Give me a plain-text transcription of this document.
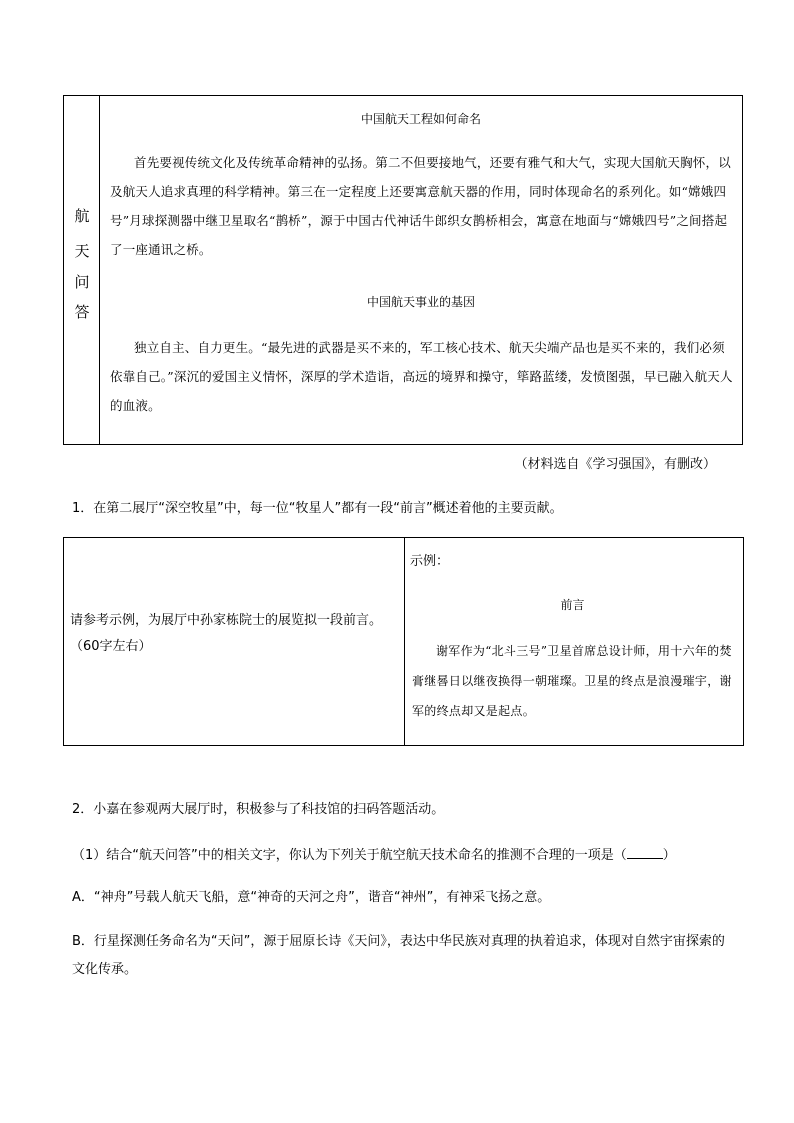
航
天
问
答
中国航天工程如何命名
首先要视传统文化及传统革命精神的弘扬。第二不但要接地气，还要有雅气和大气，实现大国航天胸怀，以及航天人追求真理的科学精神。第三在一定程度上还要寓意航天器的作用，同时体现命名的系列化。如“嫦娥四号”月球探测器中继卫星取名“鹊桥”，源于中国古代神话牛郎织女鹊桥相会，寓意在地面与“嫦娥四号”之间搭起了一座通讯之桥。
中国航天事业的基因
独立自主、自力更生。“最先进的武器是买不来的，军工核心技术、航天尖端产品也是买不来的，我们必须依靠自己。”深沉的爱国主义情怀，深厚的学术造诣，高远的境界和操守，筚路蓝缕，发愤图强，早已融入航天人的血液。
（材料选自《学习强国》，有删改）
1．在第二展厅“深空牧星”中，每一位“牧星人”都有一段“前言”概述着他的主要贡献。
请参考示例，为展厅中孙家栋院士的展览拟一段前言。
（60字左右）
示例：
前言
谢军作为“北斗三号”卫星首席总设计师，用十六年的焚膏继晷日以继夜换得一朝璀璨。卫星的终点是浪漫璀宇，谢军的终点却又是起点。
2．小嘉在参观两大展厅时，积极参与了科技馆的扫码答题活动。
（1）结合“航天问答”中的相关文字，你认为下列关于航空航天技术命名的推测不合理的一项是（	）
A．“神舟”号载人航天飞船，意“神奇的天河之舟”，谐音“神州”，有神采飞扬之意。
B．行星探测任务命名为“天问”，源于屈原长诗《天问》，表达中华民族对真理的执着追求，体现对自然宇宙探索的文化传承。
